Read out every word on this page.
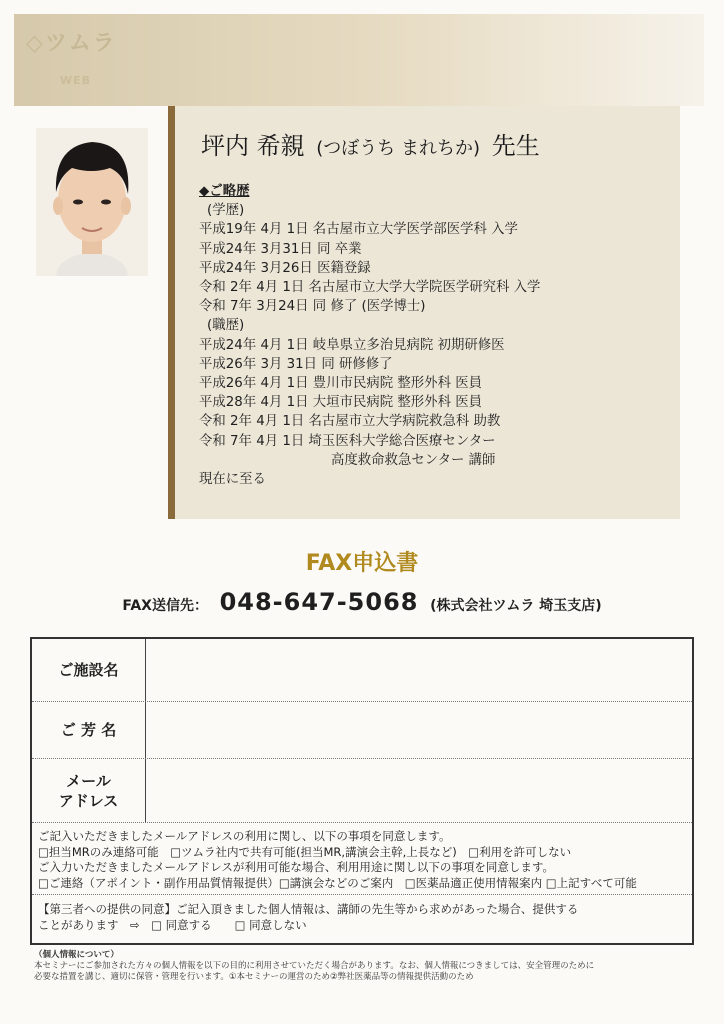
◇ツムラ
WEB
坪内 希親 (つぼうち まれちか) 先生
◆ご略歴
(学歴)
平成19年 4月 1日 名古屋市立大学医学部医学科 入学
平成24年 3月31日 同 卒業
平成24年 3月26日 医籍登録
令和 2年 4月 1日 名古屋市立大学大学院医学研究科 入学
令和 7年 3月24日 同 修了 (医学博士)
(職歴)
平成24年 4月 1日 岐阜県立多治見病院 初期研修医
平成26年 3月 31日 同 研修修了
平成26年 4月 1日 豊川市民病院 整形外科 医員
平成28年 4月 1日 大垣市民病院 整形外科 医員
令和 2年 4月 1日 名古屋市立大学病院救急科 助教
令和 7年 4月 1日 埼玉医科大学総合医療センター
高度救命救急センター 講師
現在に至る
FAX申込書
FAX送信先： 048-647-5068 (株式会社ツムラ 埼玉支店)
ご施設名
ご 芳 名
メール
アドレス
ご記入いただきましたメールアドレスの利用に関し、以下の事項を同意します。
□担当MRのみ連絡可能　□ツムラ社内で共有可能(担当MR,講演会主幹,上長など)　□利用を許可しない
ご入力いただきましたメールアドレスが利用可能な場合、利用用途に関し以下の事項を同意します。
□ご連絡（アポイント・副作用品質情報提供）□講演会などのご案内　□医薬品適正使用情報案内 □上記すべて可能
【第三者への提供の同意】ご記入頂きました個人情報は、講師の先生等から求めがあった場合、提供する
ことがあります　⇨　□ 同意する　　□ 同意しない
（個人情報について）
本セミナーにご参加された方々の個人情報を以下の目的に利用させていただく場合があります。なお、個人情報につきましては、安全管理のために
必要な措置を講じ、適切に保管・管理を行います。①本セミナーの運営のため②弊社医薬品等の情報提供活動のため
